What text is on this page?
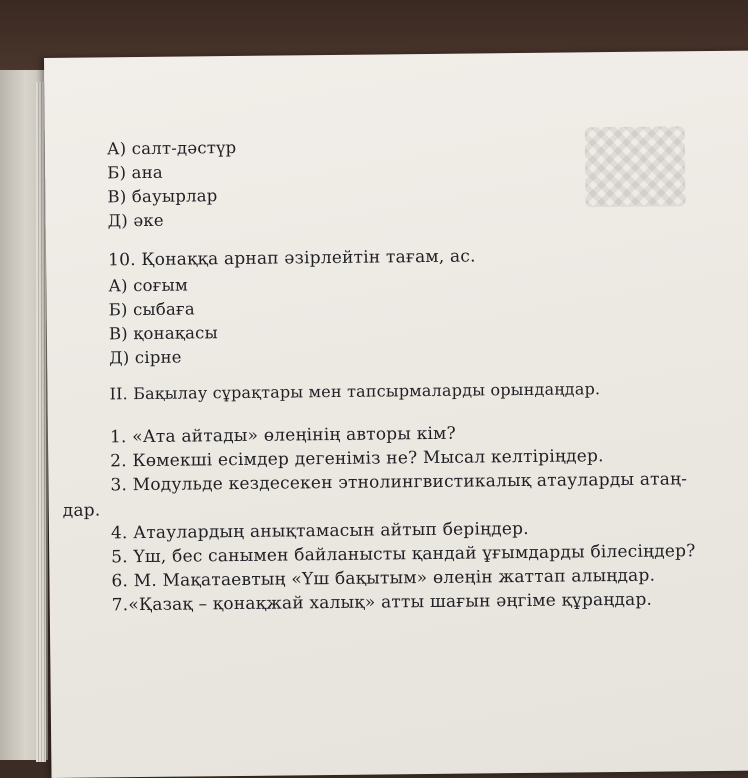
А) салт-дәстүр
Б) ана
В) бауырлар
Д) әке
10. Қонаққа арнап әзірлейтін тағам, ас.
А) соғым
Б) сыбаға
В) қонақасы
Д) сірне
II. Бақылау сұрақтары мен тапсырмаларды орындаңдар.
1. «Ата айтады» өлеңінің авторы кім?
2. Көмекші есімдер дегеніміз не? Мысал келтіріңдер.
3. Модульде кездесекен этнолингвистикалық атауларды атаң-
дар.
4. Атаулардың анықтамасын айтып беріңдер.
5. Үш, бес санымен байланысты қандай ұғымдарды білесіңдер?
6. М. Мақатаевтың «Үш бақытым» өлеңін жаттап алыңдар.
7.«Қазақ – қонақжай халық» атты шағын әңгіме құраңдар.
